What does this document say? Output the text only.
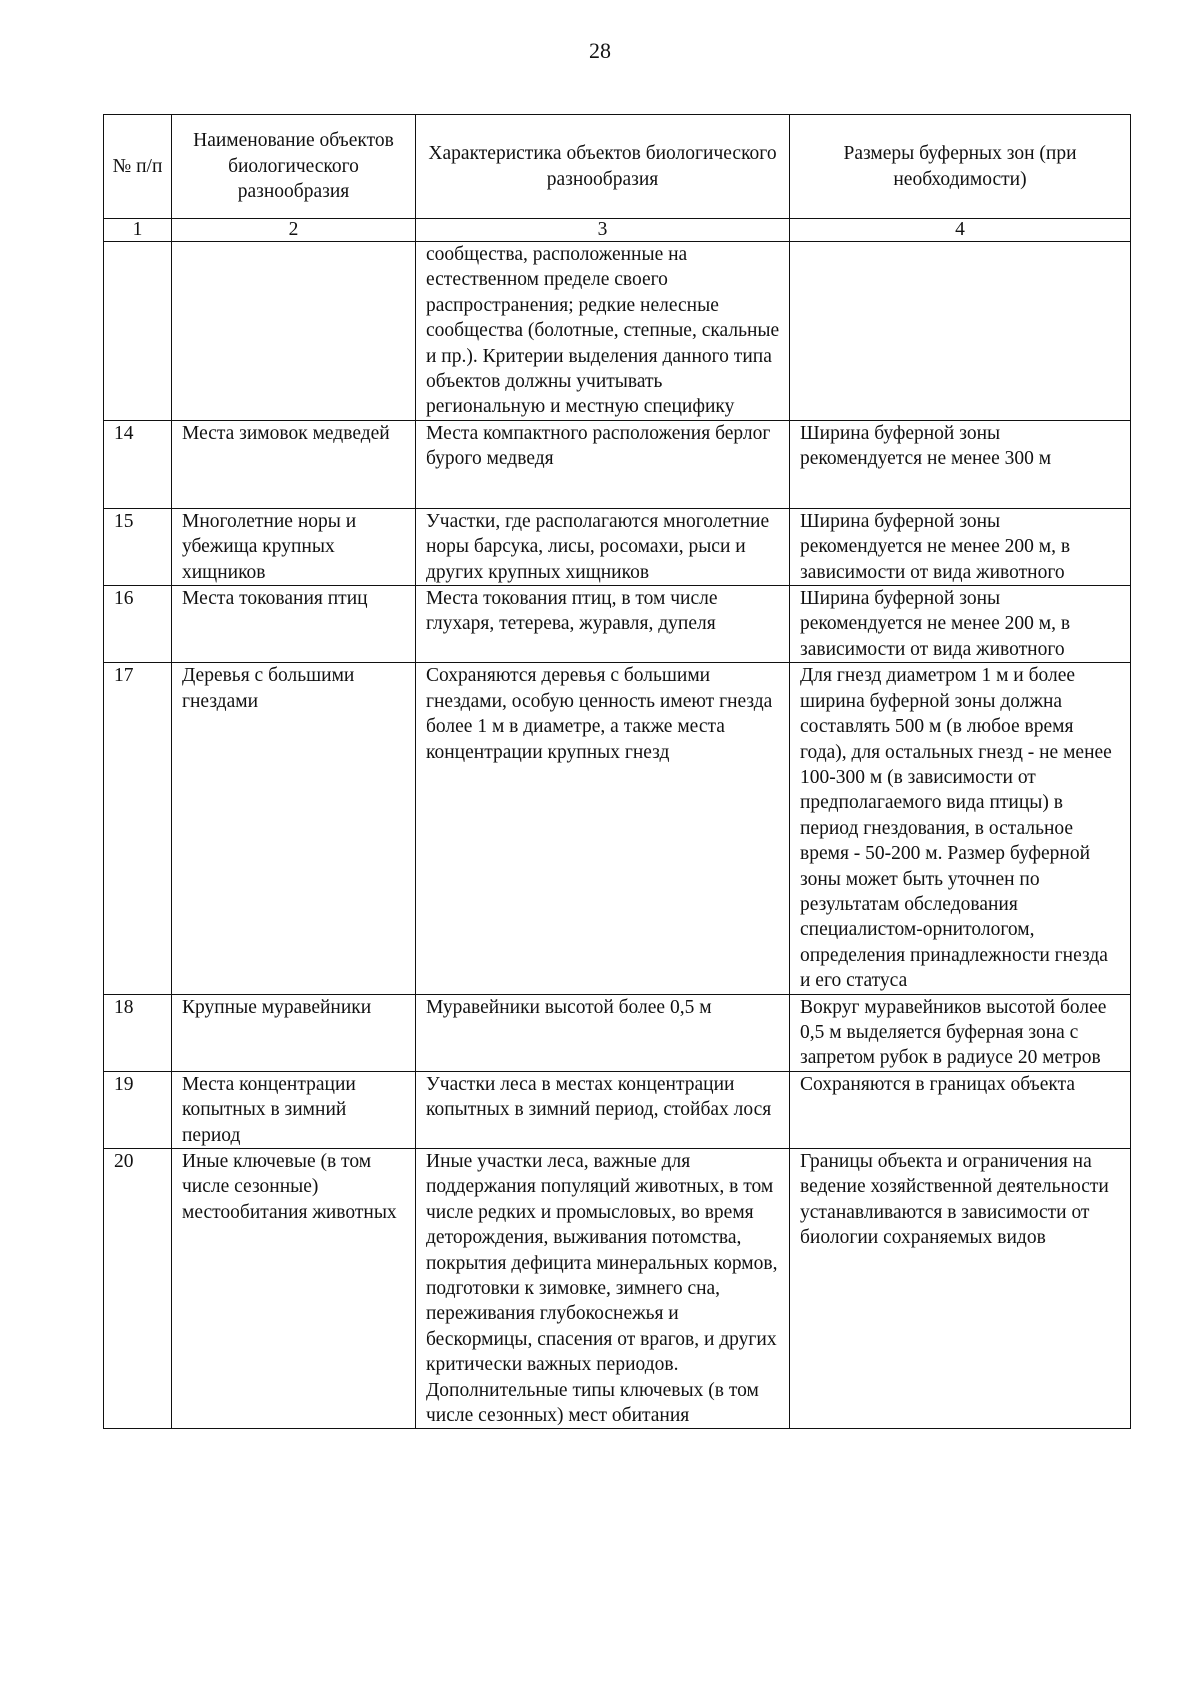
28
№ п/п	Наименование объектов биологического разнообразия	Характеристика объектов биологического разнообразия	Размеры буферных зон (при необходимости)
1	2	3	4
		сообщества, расположенные на естественном пределе своего распространения; редкие нелесные сообщества (болотные, степные, скальные и пр.). Критерии выделения данного типа объектов должны учитывать региональную и местную специфику	
14	Места зимовок медведей	Места компактного расположения берлог бурого медведя	Ширина буферной зоны рекомендуется не менее 300 м
15	Многолетние норы и убежища крупных хищников	Участки, где располагаются многолетние норы барсука, лисы, росомахи, рыси и других крупных хищников	Ширина буферной зоны рекомендуется не менее 200 м, в зависимости от вида животного
16	Места токования птиц	Места токования птиц, в том числе глухаря, тетерева, журавля, дупеля	Ширина буферной зоны рекомендуется не менее 200 м, в зависимости от вида животного
17	Деревья с большими гнездами	Сохраняются деревья с большими гнездами, особую ценность имеют гнезда более 1 м в диаметре, а также места концентрации крупных гнезд	Для гнезд диаметром 1 м и более ширина буферной зоны должна составлять 500 м (в любое время года), для остальных гнезд - не менее 100-300 м (в зависимости от предполагаемого вида птицы) в период гнездования, в остальное время - 50-200 м. Размер буферной зоны может быть уточнен по результатам обследования специалистом-орнитологом, определения принадлежности гнезда и его статуса
18	Крупные муравейники	Муравейники высотой более 0,5 м	Вокруг муравейников высотой более 0,5 м выделяется буферная зона с запретом рубок в радиусе 20 метров
19	Места концентрации копытных в зимний период	Участки леса в местах концентрации копытных в зимний период, стойбах лося	Сохраняются в границах объекта
20	Иные ключевые (в том числе сезонные) местообитания животных	Иные участки леса, важные для поддержания популяций животных, в том числе редких и промысловых, во время деторождения, выживания потомства, покрытия дефицита минеральных кормов, подготовки к зимовке, зимнего сна, переживания глубокоснежья и бескормицы, спасения от врагов, и других критически важных периодов. Дополнительные типы ключевых (в том числе сезонных) мест обитания	Границы объекта и ограничения на ведение хозяйственной деятельности устанавливаются в зависимости от биологии сохраняемых видов
